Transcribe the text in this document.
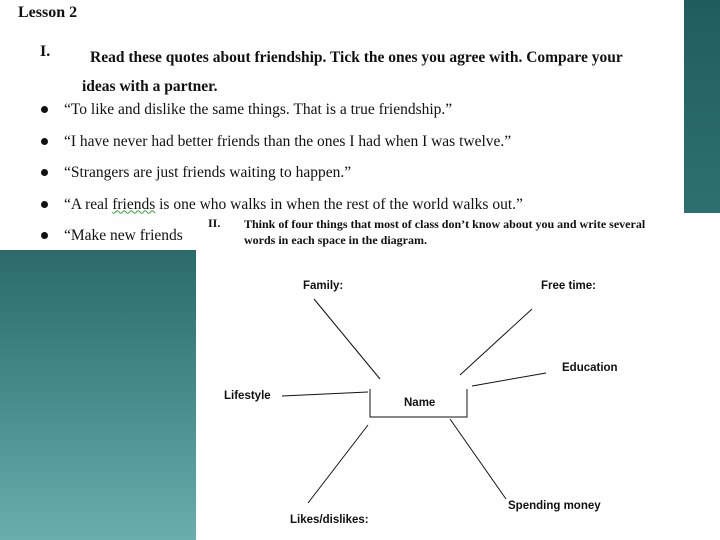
Lesson 2
I.	Read these quotes about friendship. Tick the ones you agree with. Compare your
ideas with a partner.
“To like and dislike the same things. That is a true friendship.”
“I have never had better friends than the ones I had when I was twelve.”
“Strangers are just friends waiting to happen.”
“A real friends is one who walks in when the rest of the world walks out.”
“Make new friends
II. Think of four things that most of class don’t know about you and write several
words in each space in the diagram.
Name
Family:	Free time:
Education
Lifestyle
Likes/dislikes:
Spending money
